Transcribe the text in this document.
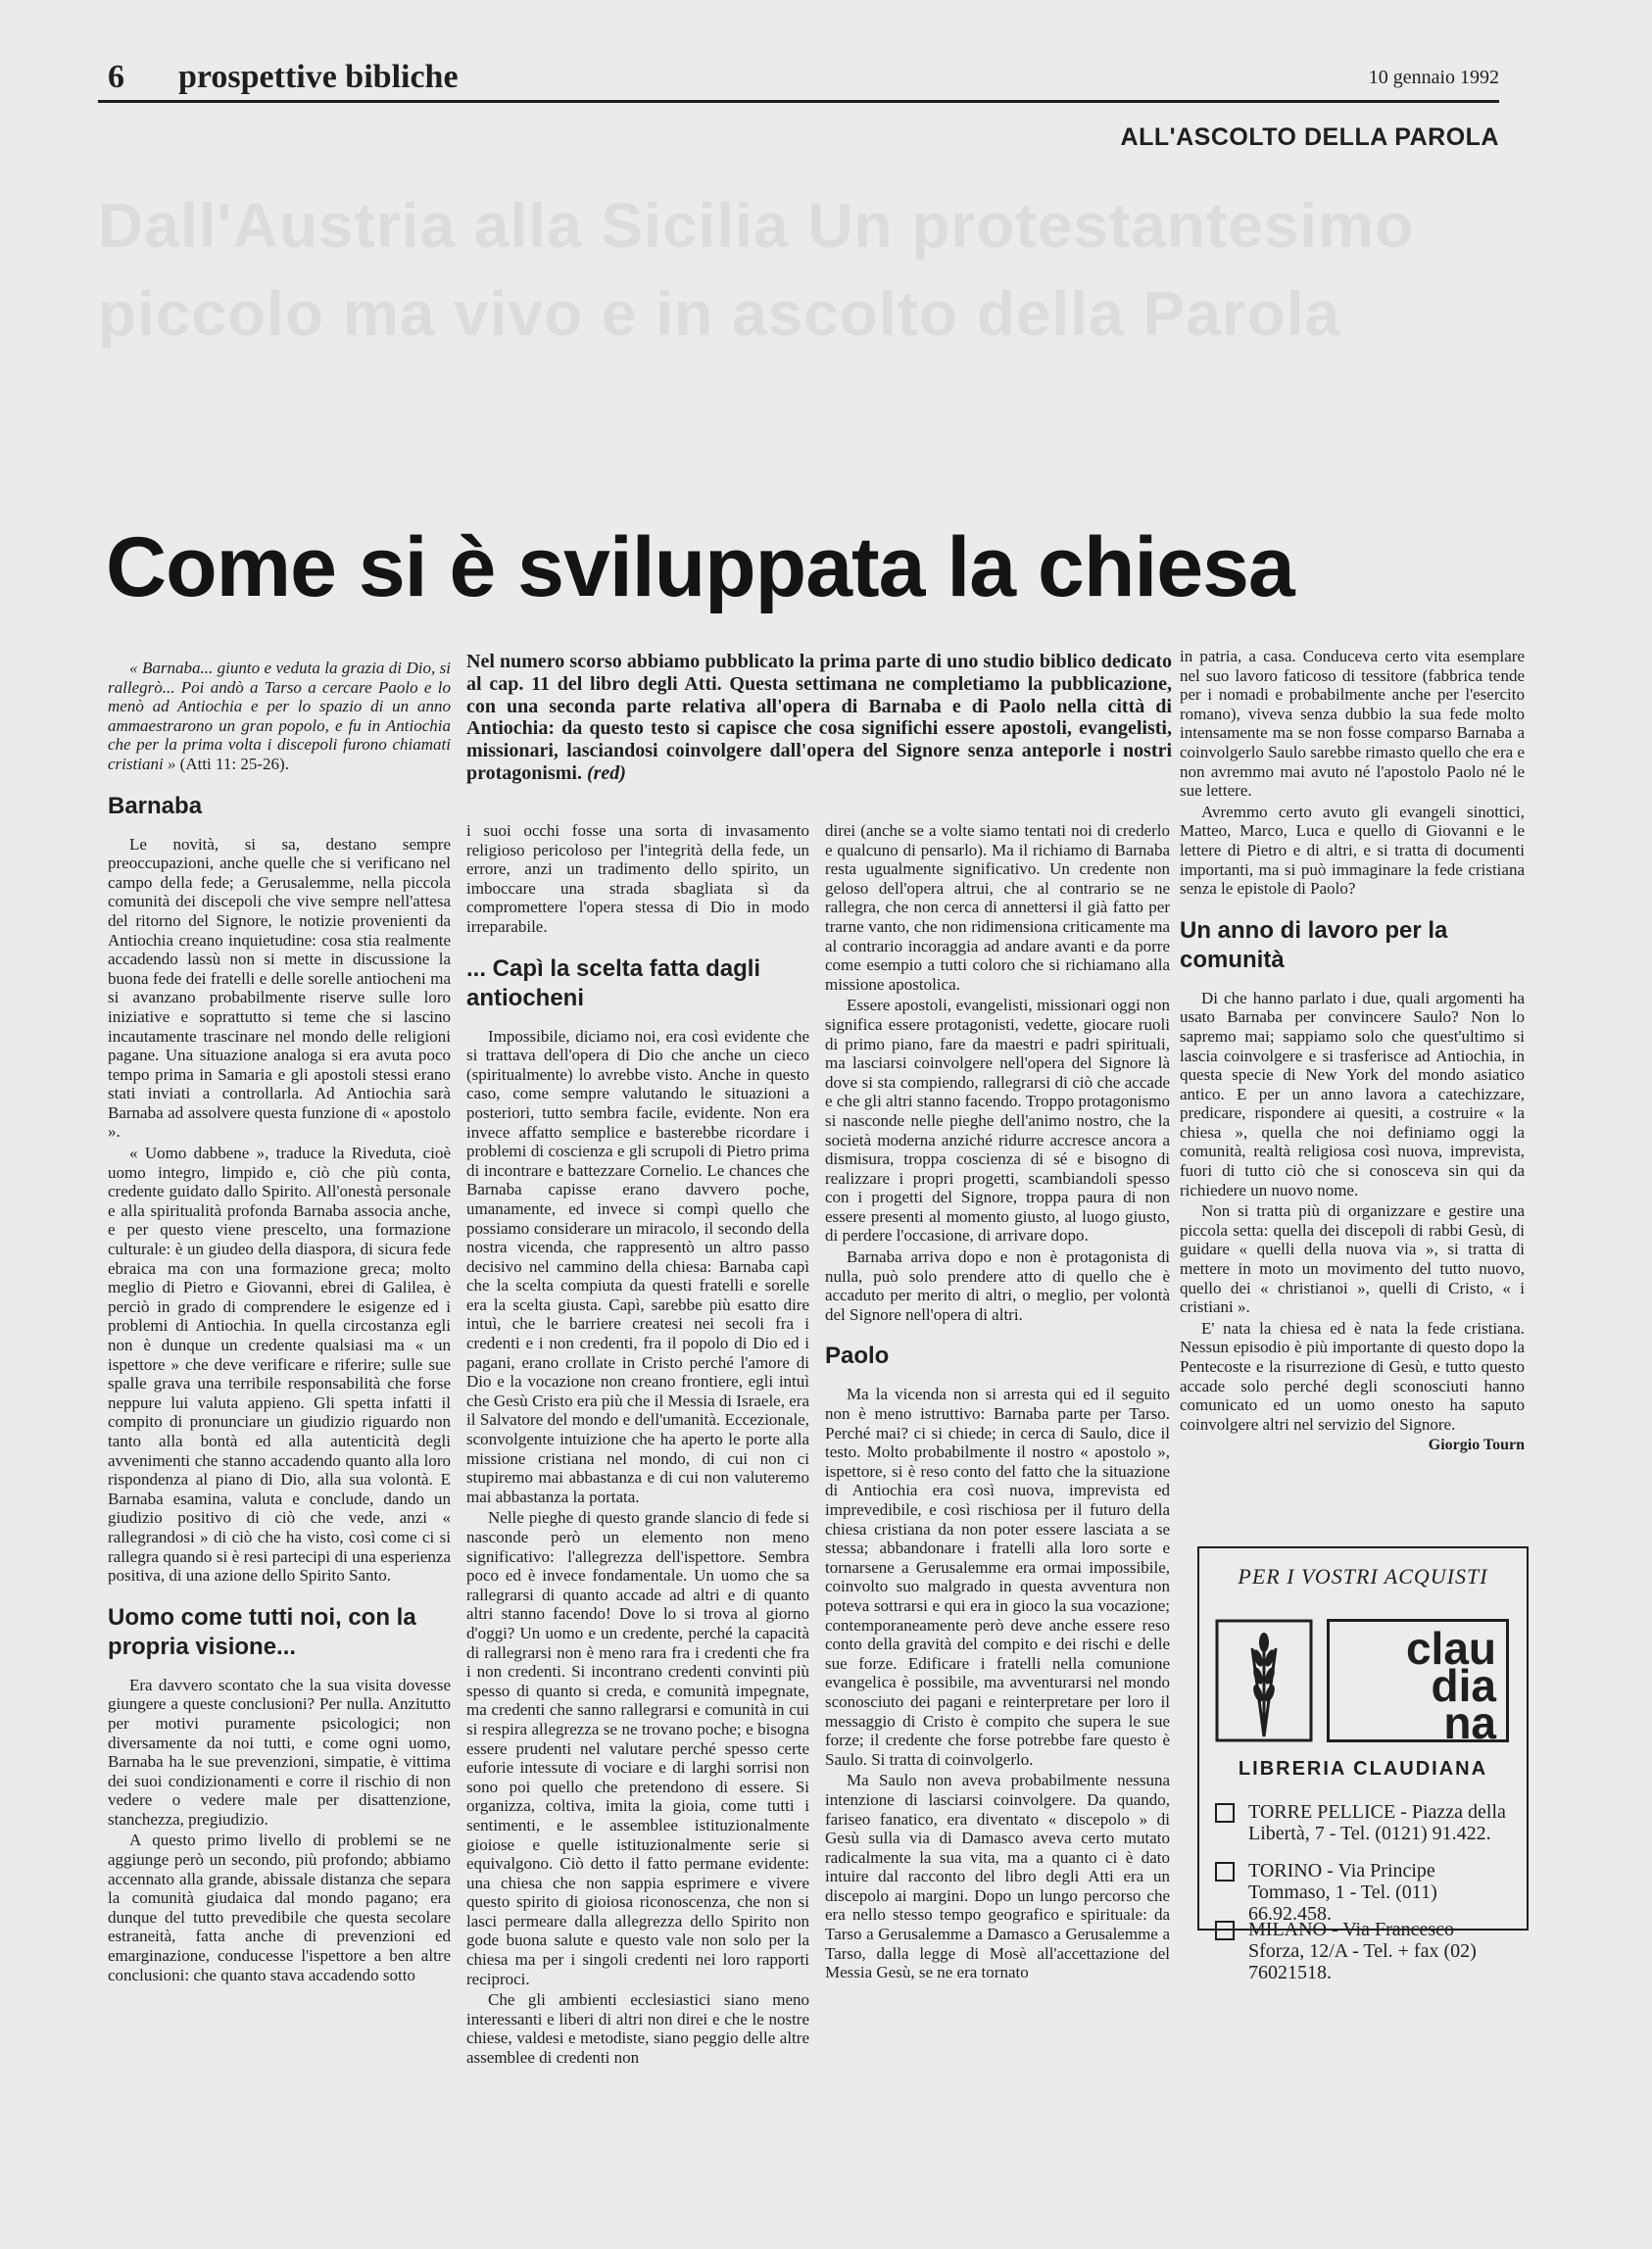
Dall'Austria alla Sicilia Un protestantesimo
piccolo ma vivo e in ascolto della Parola
6 prospettive bibliche	10 gennaio 1992
ALL'ASCOLTO DELLA PAROLA
Come si è sviluppata la chiesa
Nel numero scorso abbiamo pubblicato la prima parte di uno studio biblico dedicato al cap. 11 del libro degli Atti. Questa settimana ne completiamo la pubblicazione, con una seconda parte relativa all'opera di Barnaba e di Paolo nella città di Antiochia: da questo testo si capisce che cosa significhi essere apostoli, evangelisti, missionari, lasciandosi coinvolgere dall'opera del Signore senza anteporle i nostri protagonismi. (red)

« Barnaba... giunto e veduta la grazia di Dio, si rallegrò... Poi andò a Tarso a cercare Paolo e lo menò ad Antiochia e per lo spazio di un anno ammaestrarono un gran popolo, e fu in Antiochia che per la prima volta i discepoli furono chiamati cristiani » (Atti 11: 25-26).

Barnaba

Le novità, si sa, destano sempre preoccupazioni, anche quelle che si verificano nel campo della fede; a Gerusalemme, nella piccola comunità dei discepoli che vive sempre nell'attesa del ritorno del Signore, le notizie provenienti da Antiochia creano inquietudine: cosa stia realmente accadendo lassù non si mette in discussione la buona fede dei fratelli e delle sorelle antiocheni ma si avanzano probabilmente riserve sulle loro iniziative e soprattutto si teme che si lascino incautamente trascinare nel mondo delle religioni pagane. Una situazione analoga si era avuta poco tempo prima in Samaria e gli apostoli stessi erano stati inviati a controllarla. Ad Antiochia sarà Barnaba ad assolvere questa funzione di « apostolo ».

« Uomo dabbene », traduce la Riveduta, cioè uomo integro, limpido e, ciò che più conta, credente guidato dallo Spirito. All'onestà personale e alla spiritualità profonda Barnaba associa anche, e per questo viene prescelto, una formazione culturale: è un giudeo della diaspora, di sicura fede ebraica ma con una formazione greca; molto meglio di Pietro e Giovanni, ebrei di Galilea, è perciò in grado di comprendere le esigenze ed i problemi di Antiochia. In quella circostanza egli non è dunque un credente qualsiasi ma « un ispettore » che deve verificare e riferire; sulle sue spalle grava una terribile responsabilità che forse neppure lui valuta appieno. Gli spetta infatti il compito di pronunciare un giudizio riguardo non tanto alla bontà ed alla autenticità degli avvenimenti che stanno accadendo quanto alla loro rispondenza al piano di Dio, alla sua volontà. E Barnaba esamina, valuta e conclude, dando un giudizio positivo di ciò che vede, anzi « rallegrandosi » di ciò che ha visto, così come ci si rallegra quando si è resi partecipi di una esperienza positiva, di una azione dello Spirito Santo.

Uomo come tutti noi, con la propria visione...

Era davvero scontato che la sua visita dovesse giungere a queste conclusioni? Per nulla. Anzitutto per motivi puramente psicologici; non diversamente da noi tutti, e come ogni uomo, Barnaba ha le sue prevenzioni, simpatie, è vittima dei suoi condizionamenti e corre il rischio di non vedere o vedere male per disattenzione, stanchezza, pregiudizio.

A questo primo livello di problemi se ne aggiunge però un secondo, più profondo; abbiamo accennato alla grande, abissale distanza che separa la comunità giudaica dal mondo pagano; era dunque del tutto prevedibile che questa secolare estraneità, fatta anche di prevenzioni ed emarginazione, conducesse l'ispettore a ben altre conclusioni: che quanto stava accadendo sotto

i suoi occhi fosse una sorta di invasamento religioso pericoloso per l'integrità della fede, un errore, anzi un tradimento dello spirito, un imboccare una strada sbagliata sì da compromettere l'opera stessa di Dio in modo irreparabile.

... Capì la scelta fatta dagli antiocheni

Impossibile, diciamo noi, era così evidente che si trattava dell'opera di Dio che anche un cieco (spiritualmente) lo avrebbe visto. Anche in questo caso, come sempre valutando le situazioni a posteriori, tutto sembra facile, evidente. Non era invece affatto semplice e basterebbe ricordare i problemi di coscienza e gli scrupoli di Pietro prima di incontrare e battezzare Cornelio. Le chances che Barnaba capisse erano davvero poche, umanamente, ed invece si compì quello che possiamo considerare un miracolo, il secondo della nostra vicenda, che rappresentò un altro passo decisivo nel cammino della chiesa: Barnaba capì che la scelta compiuta da questi fratelli e sorelle era la scelta giusta. Capì, sarebbe più esatto dire intuì, che le barriere createsi nei secoli fra i credenti e i non credenti, fra il popolo di Dio ed i pagani, erano crollate in Cristo perché l'amore di Dio e la vocazione non creano frontiere, egli intuì che Gesù Cristo era più che il Messia di Israele, era il Salvatore del mondo e dell'umanità. Eccezionale, sconvolgente intuizione che ha aperto le porte alla missione cristiana nel mondo, di cui non ci stupiremo mai abbastanza e di cui non valuteremo mai abbastanza la portata.

Nelle pieghe di questo grande slancio di fede si nasconde però un elemento non meno significativo: l'allegrezza dell'ispettore. Sembra poco ed è invece fondamentale. Un uomo che sa rallegrarsi di quanto accade ad altri e di quanto altri stanno facendo! Dove lo si trova al giorno d'oggi? Un uomo e un credente, perché la capacità di rallegrarsi non è meno rara fra i credenti che fra i non credenti. Si incontrano credenti convinti più spesso di quanto si creda, e comunità impegnate, ma credenti che sanno rallegrarsi e comunità in cui si respira allegrezza se ne trovano poche; e bisogna essere prudenti nel valutare perché spesso certe euforie intessute di vociare e di larghi sorrisi non sono poi quello che pretendono di essere. Si organizza, coltiva, imita la gioia, come tutti i sentimenti, e le assemblee istituzionalmente gioiose e quelle istituzionalmente serie si equivalgono. Ciò detto il fatto permane evidente: una chiesa che non sappia esprimere e vivere questo spirito di gioiosa riconoscenza, che non si lasci permeare dalla allegrezza dello Spirito non gode buona salute e questo vale non solo per la chiesa ma per i singoli credenti nei loro rapporti reciproci.

Che gli ambienti ecclesiastici siano meno interessanti e liberi di altri non direi e che le nostre chiese, valdesi e metodiste, siano peggio delle altre assemblee di credenti non

direi (anche se a volte siamo tentati noi di crederlo e qualcuno di pensarlo). Ma il richiamo di Barnaba resta ugualmente significativo. Un credente non geloso dell'opera altrui, che al contrario se ne rallegra, che non cerca di annettersi il già fatto per trarne vanto, che non ridimensiona criticamente ma al contrario incoraggia ad andare avanti e da porre come esempio a tutti coloro che si richiamano alla missione apostolica.

Essere apostoli, evangelisti, missionari oggi non significa essere protagonisti, vedette, giocare ruoli di primo piano, fare da maestri e padri spirituali, ma lasciarsi coinvolgere nell'opera del Signore là dove si sta compiendo, rallegrarsi di ciò che accade e che gli altri stanno facendo. Troppo protagonismo si nasconde nelle pieghe dell'animo nostro, che la società moderna anziché ridurre accresce ancora a dismisura, troppa coscienza di sé e bisogno di realizzare i propri progetti, scambiandoli spesso con i progetti del Signore, troppa paura di non essere presenti al momento giusto, al luogo giusto, di perdere l'occasione, di arrivare dopo.

Barnaba arriva dopo e non è protagonista di nulla, può solo prendere atto di quello che è accaduto per merito di altri, o meglio, per volontà del Signore nell'opera di altri.

Paolo

Ma la vicenda non si arresta qui ed il seguito non è meno istruttivo: Barnaba parte per Tarso. Perché mai? ci si chiede; in cerca di Saulo, dice il testo. Molto probabilmente il nostro « apostolo », ispettore, si è reso conto del fatto che la situazione di Antiochia era così nuova, imprevista ed imprevedibile, e così rischiosa per il futuro della chiesa cristiana da non poter essere lasciata a se stessa; abbandonare i fratelli alla loro sorte e tornarsene a Gerusalemme era ormai impossibile, coinvolto suo malgrado in questa avventura non poteva sottrarsi e qui era in gioco la sua vocazione; contemporaneamente però deve anche essere reso conto della gravità del compito e dei rischi e delle sue forze. Edificare i fratelli nella comunione evangelica è possibile, ma avventurarsi nel mondo sconosciuto dei pagani e reinterpretare per loro il messaggio di Cristo è compito che supera le sue forze; il credente che forse potrebbe fare questo è Saulo. Si tratta di coinvolgerlo.

Ma Saulo non aveva probabilmente nessuna intenzione di lasciarsi coinvolgere. Da quando, fariseo fanatico, era diventato « discepolo » di Gesù sulla via di Damasco aveva certo mutato radicalmente la sua vita, ma a quanto ci è dato intuire dal racconto del libro degli Atti era un discepolo ai margini. Dopo un lungo percorso che era nello stesso tempo geografico e spirituale: da Tarso a Gerusalemme a Damasco a Gerusalemme a Tarso, dalla legge di Mosè all'accettazione del Messia Gesù, se ne era tornato

in patria, a casa. Conduceva certo vita esemplare nel suo lavoro faticoso di tessitore (fabbrica tende per i nomadi e probabilmente anche per l'esercito romano), viveva senza dubbio la sua fede molto intensamente ma se non fosse comparso Barnaba a coinvolgerlo Saulo sarebbe rimasto quello che era e non avremmo mai avuto né l'apostolo Paolo né le sue lettere.

Avremmo certo avuto gli evangeli sinottici, Matteo, Marco, Luca e quello di Giovanni e le lettere di Pietro e di altri, e si tratta di documenti importanti, ma si può immaginare la fede cristiana senza le epistole di Paolo?

Un anno di lavoro per la comunità

Di che hanno parlato i due, quali argomenti ha usato Barnaba per convincere Saulo? Non lo sapremo mai; sappiamo solo che quest'ultimo si lascia coinvolgere e si trasferisce ad Antiochia, in questa specie di New York del mondo asiatico antico. E per un anno lavora a catechizzare, predicare, rispondere ai quesiti, a costruire « la chiesa », quella che noi definiamo oggi la comunità, realtà religiosa così nuova, imprevista, fuori di tutto ciò che si conosceva sin qui da richiedere un nuovo nome.

Non si tratta più di organizzare e gestire una piccola setta: quella dei discepoli di rabbi Gesù, di guidare « quelli della nuova via », si tratta di mettere in moto un movimento del tutto nuovo, quello dei « christianoi », quelli di Cristo, « i cristiani ».

E' nata la chiesa ed è nata la fede cristiana. Nessun episodio è più importante di questo dopo la Pentecoste e la risurrezione di Gesù, e tutto questo accade solo perché degli sconosciuti hanno comunicato ed un uomo onesto ha saputo coinvolgere altri nel servizio del Signore.

Giorgio Tourn

PER I VOSTRI ACQUISTI
clau
dia
na
LIBRERIA CLAUDIANA
TORRE PELLICE - Piazza della Libertà, 7 - Tel. (0121) 91.422.
TORINO - Via Principe Tommaso, 1 - Tel. (011) 66.92.458.
MILANO - Via Francesco Sforza, 12/A - Tel. + fax (02) 76021518.
